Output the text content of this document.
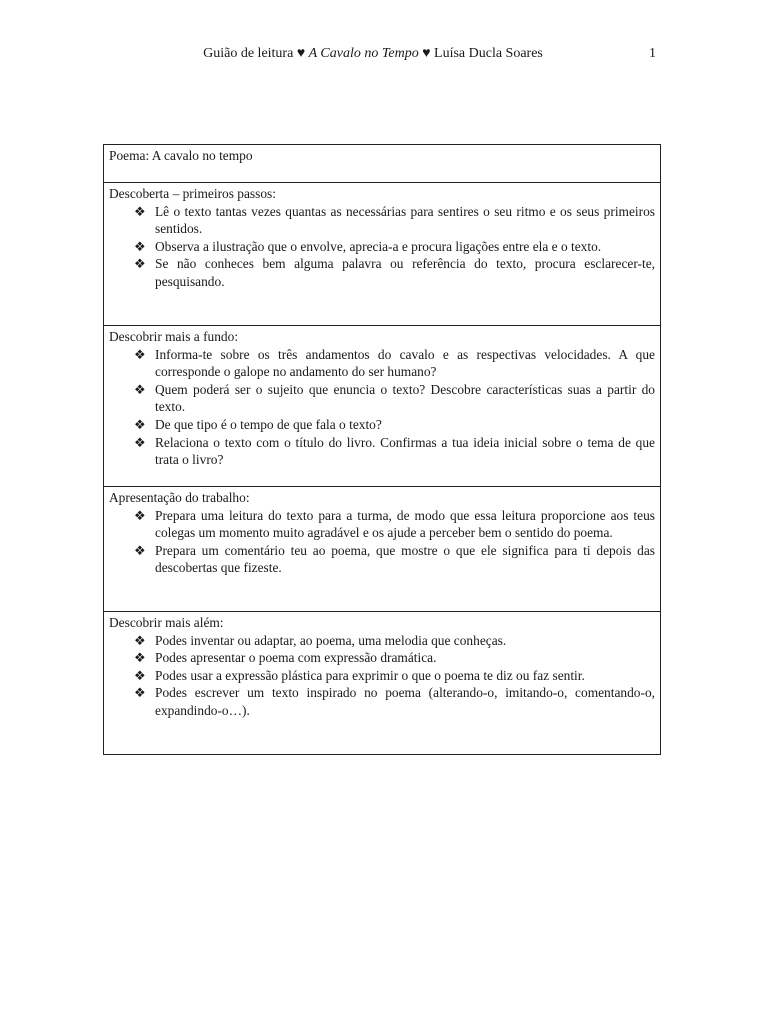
Guião de leitura ♥ A Cavalo no Tempo ♥ Luísa Ducla Soares	1
Poema: A cavalo no tempo
Descoberta – primeiros passos:
❖ Lê o texto tantas vezes quantas as necessárias para sentires o seu ritmo e os seus primeiros sentidos.
❖ Observa a ilustração que o envolve, aprecia-a e procura ligações entre ela e o texto.
❖ Se não conheces bem alguma palavra ou referência do texto, procura esclarecer-te, pesquisando.
Descobrir mais a fundo:
❖ Informa-te sobre os três andamentos do cavalo e as respectivas velocidades. A que corresponde o galope no andamento do ser humano?
❖ Quem poderá ser o sujeito que enuncia o texto? Descobre características suas a partir do texto.
❖ De que tipo é o tempo de que fala o texto?
❖ Relaciona o texto com o título do livro. Confirmas a tua ideia inicial sobre o tema de que trata o livro?
Apresentação do trabalho:
❖ Prepara uma leitura do texto para a turma, de modo que essa leitura proporcione aos teus colegas um momento muito agradável e os ajude a perceber bem o sentido do poema.
❖ Prepara um comentário teu ao poema, que mostre o que ele significa para ti depois das descobertas que fizeste.
Descobrir mais além:
❖ Podes inventar ou adaptar, ao poema, uma melodia que conheças.
❖ Podes apresentar o poema com expressão dramática.
❖ Podes usar a expressão plástica para exprimir o que o poema te diz ou faz sentir.
❖ Podes escrever um texto inspirado no poema (alterando-o, imitando-o, comentando-o, expandindo-o…).
